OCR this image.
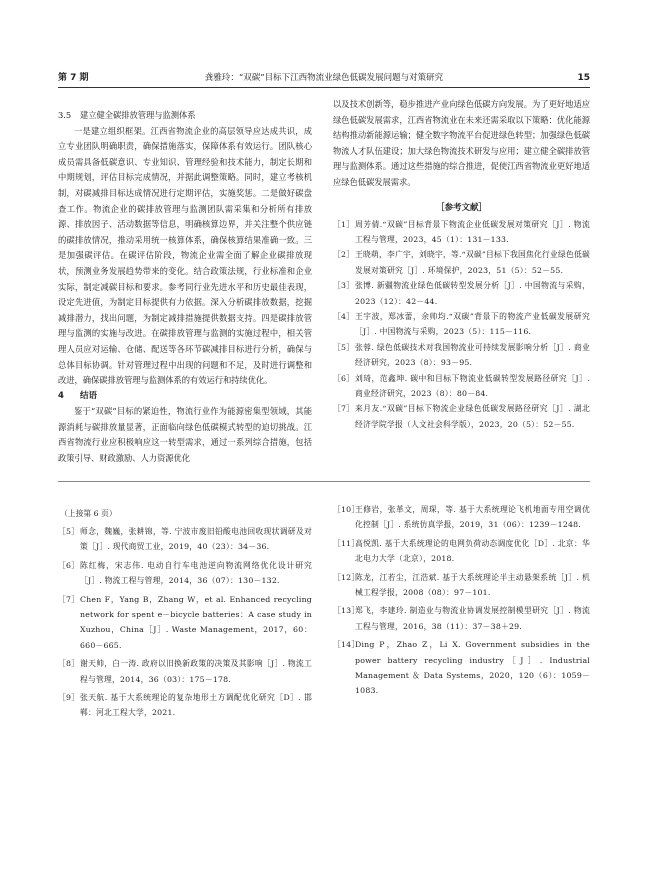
第 7 期	龚雅玲：“双碳”目标下江西物流业绿色低碳发展问题与对策研究	15
3.5 建立健全碳排放管理与监测体系

一是建立组织框架。江西省物流企业的高层领导应达成共识，成立专业团队明确职责，确保措施落实，保障体系有效运行。团队核心成员需具备低碳意识、专业知识、管理经验和技术能力，制定长期和中期规划，评估目标完成情况，并据此调整策略。同时，建立考核机制，对碳减排目标达成情况进行定期评估，实施奖惩。二是做好碳盘查工作。物流企业的碳排放管理与监测团队需采集和分析所有排放源、排放因子、活动数据等信息，明确核算边界，并关注整个供应链的碳排放情况，推动采用统一核算体系，确保核算结果准确一致。三是加强碳评估。在碳评估阶段，物流企业需全面了解企业碳排放现状，预测业务发展趋势带来的变化。结合政策法规，行业标准和企业实际，制定减碳目标和要求。参考同行业先进水平和历史最佳表现，设定先进值，为制定目标提供有力依据。深入分析碳排放数据，挖掘减排潜力，找出问题，为制定减排措施提供数据支持。四是碳排放管理与监测的实施与改进。在碳排放管理与监测的实施过程中，相关管理人员应对运输、仓储、配送等各环节碳减排目标进行分析，确保与总体目标协调。针对管理过程中出现的问题和不足，及时进行调整和改进，确保碳排放管理与监测体系的有效运行和持续优化。

4 结语

鉴于“双碳”目标的紧迫性，物流行业作为能源密集型领域，其能源消耗与碳排放量显著，正面临向绿色低碳模式转型的迫切挑战。江西省物流行业应积极响应这一转型需求，通过一系列综合措施，包括政策引导、财政激励、人力资源优化

以及技术创新等，稳步推进产业向绿色低碳方向发展。为了更好地适应绿色低碳发展需求，江西省物流业在未来还需采取以下策略：优化能源结构推动新能源运输；健全数字物流平台促进绿色转型；加强绿色低碳物流人才队伍建设；加大绿色物流技术研发与应用；建立健全碳排放管理与监测体系。通过这些措施的综合推进，促使江西省物流业更好地适应绿色低碳发展需求。

［参考文献］
［1］ 周芳倩.“双碳”目标背景下物流企业低碳发展对策研究［J］. 物流工程与管理，2023，45（1）：131－133.
［2］ 王晓萌，李广宇，刘晓宇，等.“双碳”目标下我国焦化行业绿色低碳发展对策研究［J］. 环境保护，2023，51（5）：52－55.
［3］ 张博. 新疆物流业绿色低碳转型发展分析［J］. 中国物流与采购，2023（12）：42－44.
［4］ 王宇波，郑冰蕾，余帅均.“双碳”背景下的物流产业低碳发展研究［J］. 中国物流与采购，2023（5）：115－116.
［5］ 张蓉. 绿色低碳技术对我国物流业可持续发展影响分析［J］. 商业经济研究，2023（8）：93－95.
［6］ 刘琦，范鑫坤. 碳中和目标下物流业低碳转型发展路径研究［J］. 商业经济研究，2023（8）：80－84.
［7］ 来月友.“双碳”目标下物流企业绿色低碳发展路径研究［J］. 湖北经济学院学报（人文社会科学版），2023，20（5）：52－55.
（上接第 6 页）
［5］ 师念，魏巍，张耕锦，等. 宁波市废旧铅酸电池回收现状调研及对策［J］. 现代商贸工业，2019，40（23）：34－36.
［6］ 陈红梅，宋志伟. 电动自行车电池逆向物流网络优化设计研究［J］. 物流工程与管理，2014，36（07）：130－132.
［7］ Chen F，Yang B，Zhang W，et al. Enhanced recycling network for spent e－bicycle batteries：A case study in Xuzhou，China［J］. Waste Management，2017，60：660－665.
［8］ 谢天帅，白一涛. 政府以旧换新政策的决策及其影响［J］. 物流工程与管理，2014，36（03）：175－178.
［9］ 张天航. 基于大系统理论的复杂地形土方调配优化研究［D］. 邯郸：河北工程大学，2021.
［10］
王修岩，张革文，周琛，等. 基于大系统理论飞机地面专用空调优化控制［J］. 系统仿真学报，2019，31（06）：1239－1248.
［11］
高悦凯. 基于大系统理论的电网负荷动态调度优化［D］. 北京：华北电力大学（北京），2018.
［12］
陈龙，江若尘，江浩斌. 基于大系统理论半主动悬架系统［J］. 机械工程学报，2008（08）：97－101.
［13］
郑飞，李建玲. 制造业与物流业协调发展控制模型研究［J］. 物流工程与管理，2016，38（11）：37－38＋29.
［14］
Ding P，Zhao Z，Li X. Government subsidies in the power battery recycling industry［J］. Industrial Management ＆ Data Systems，2020，120（6）：1059－1083.
